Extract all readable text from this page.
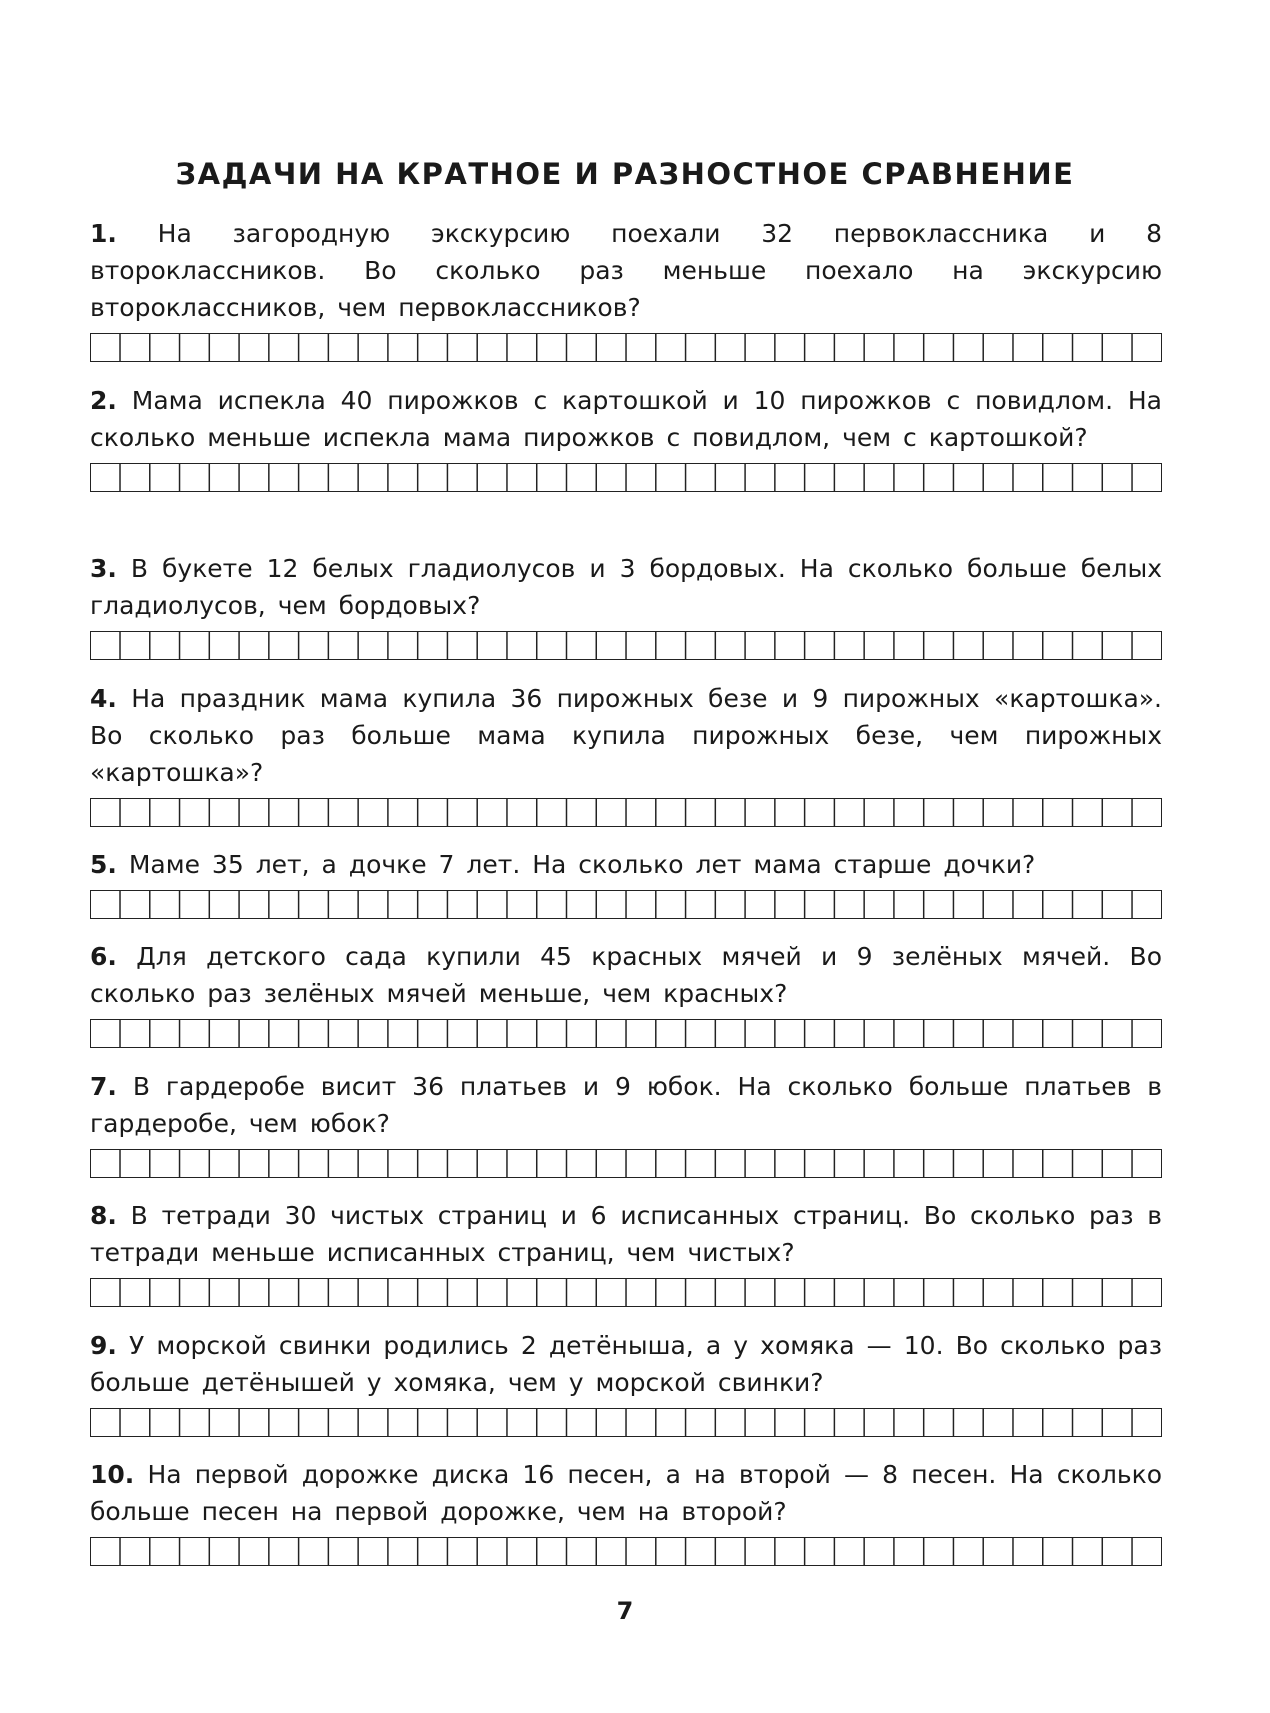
ЗАДАЧИ НА КРАТНОЕ И РАЗНОСТНОЕ СРАВНЕНИЕ

1. На загородную экскурсию поехали 32 первоклассника и 8 второклассников. Во сколько раз меньше поехало на экскурсию второклассников, чем первоклассников?

2. Мама испекла 40 пирожков с картошкой и 10 пирожков с повидлом. На сколько меньше испекла мама пирожков с повидлом, чем с картошкой?

3. В букете 12 белых гладиолусов и 3 бордовых. На сколько больше белых гладиолусов, чем бордовых?

4. На праздник мама купила 36 пирожных безе и 9 пирожных «картошка». Во сколько раз больше мама купила пирожных безе, чем пирожных «картошка»?

5. Маме 35 лет, а дочке 7 лет. На сколько лет мама старше дочки?

6. Для детского сада купили 45 красных мячей и 9 зелёных мячей. Во сколько раз зелёных мячей меньше, чем красных?

7. В гардеробе висит 36 платьев и 9 юбок. На сколько больше платьев в гардеробе, чем юбок?

8. В тетради 30 чистых страниц и 6 исписанных страниц. Во сколько раз в тетради меньше исписанных страниц, чем чистых?

9. У морской свинки родились 2 детёныша, а у хомяка — 10. Во сколько раз больше детёнышей у хомяка, чем у морской свинки?

10. На первой дорожке диска 16 песен, а на второй — 8 песен. На сколько больше песен на первой дорожке, чем на второй?

7
